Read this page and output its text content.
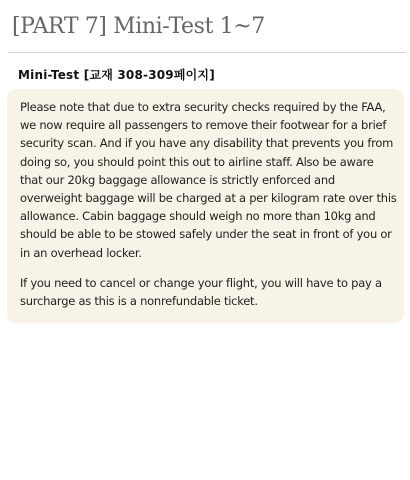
[PART 7] Mini-Test 1~7
Mini-Test [교재 308-309페이지]

Please note that due to extra security checks required by the FAA, we now require all passengers to remove their footwear for a brief security scan. And if you have any disability that prevents you from doing so, you should point this out to airline staff. Also be aware that our 20kg baggage allowance is strictly enforced and overweight baggage will be charged at a per kilogram rate over this allowance. Cabin baggage should weigh no more than 10kg and should be able to be stowed safely under the seat in front of you or in an overhead locker.

If you need to cancel or change your flight, you will have to pay a surcharge as this is a nonrefundable ticket.
